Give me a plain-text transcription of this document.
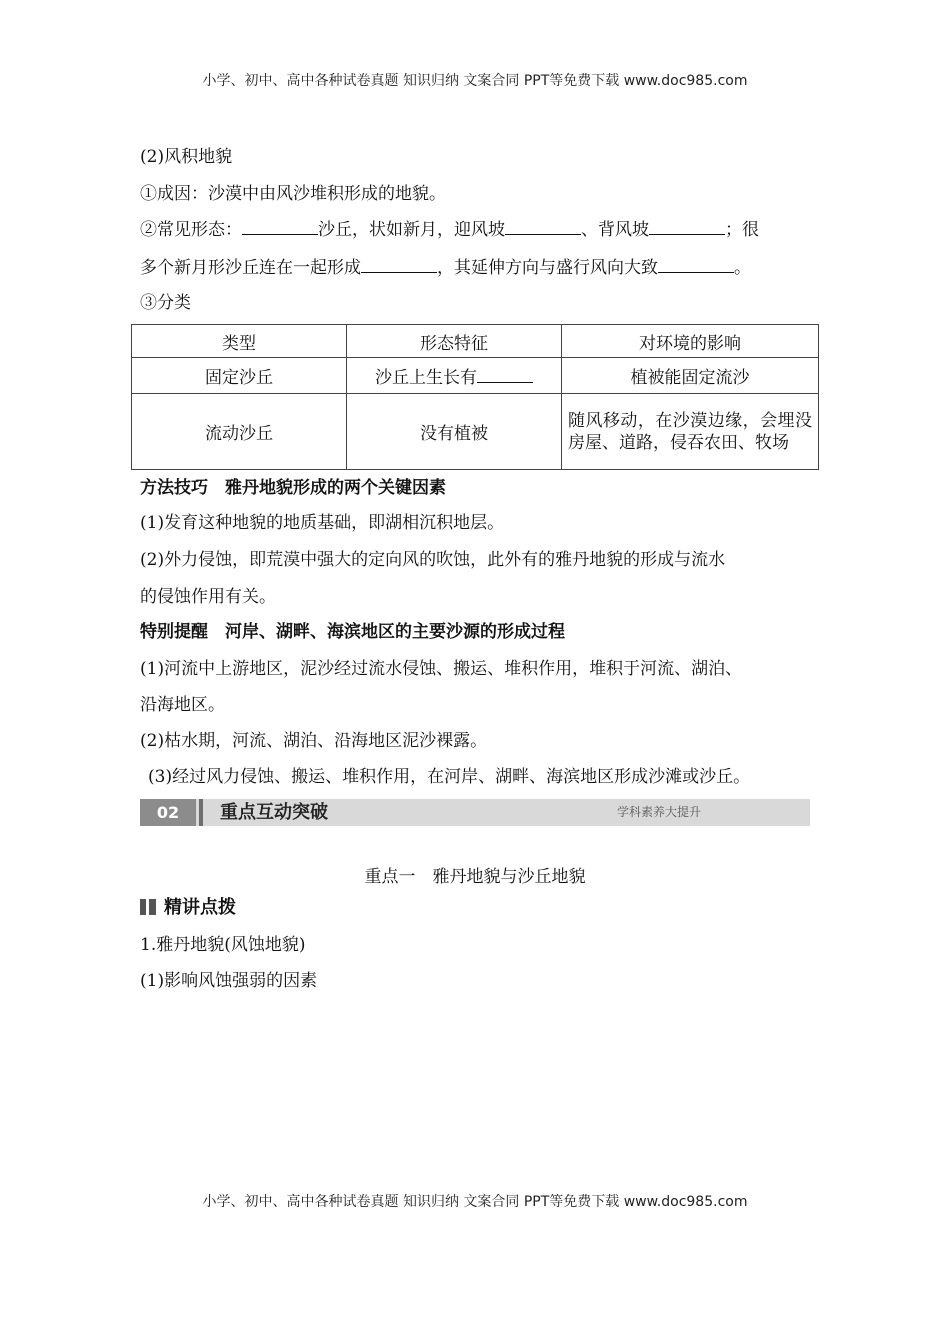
小学、初中、高中各种试卷真题 知识归纳 文案合同 PPT等免费下载 www.doc985.com
(2)风积地貌
①成因：沙漠中由风沙堆积形成的地貌。
②常见形态：	沙丘，状如新月，迎风坡	、背风坡	；很
多个新月形沙丘连在一起形成	，其延伸方向与盛行风向大致	。
③分类
类型	形态特征	对环境的影响
固定沙丘	沙丘上生长有	植被能固定流沙
流动沙丘	没有植被	随风移动，在沙漠边缘，会埋没房屋、道路，侵吞农田、牧场
方法技巧　雅丹地貌形成的两个关键因素
(1)发育这种地貌的地质基础，即湖相沉积地层。
(2)外力侵蚀，即荒漠中强大的定向风的吹蚀，此外有的雅丹地貌的形成与流水
的侵蚀作用有关。
特别提醒　河岸、湖畔、海滨地区的主要沙源的形成过程
(1)河流中上游地区，泥沙经过流水侵蚀、搬运、堆积作用，堆积于河流、湖泊、
沿海地区。
(2)枯水期，河流、湖泊、沿海地区泥沙裸露。
(3)经过风力侵蚀、搬运、堆积作用，在河岸、湖畔、海滨地区形成沙滩或沙丘。
02	重点互动突破	学科素养大提升
重点一　雅丹地貌与沙丘地貌
精讲点拨
1.雅丹地貌(风蚀地貌)
(1)影响风蚀强弱的因素
小学、初中、高中各种试卷真题 知识归纳 文案合同 PPT等免费下载 www.doc985.com
